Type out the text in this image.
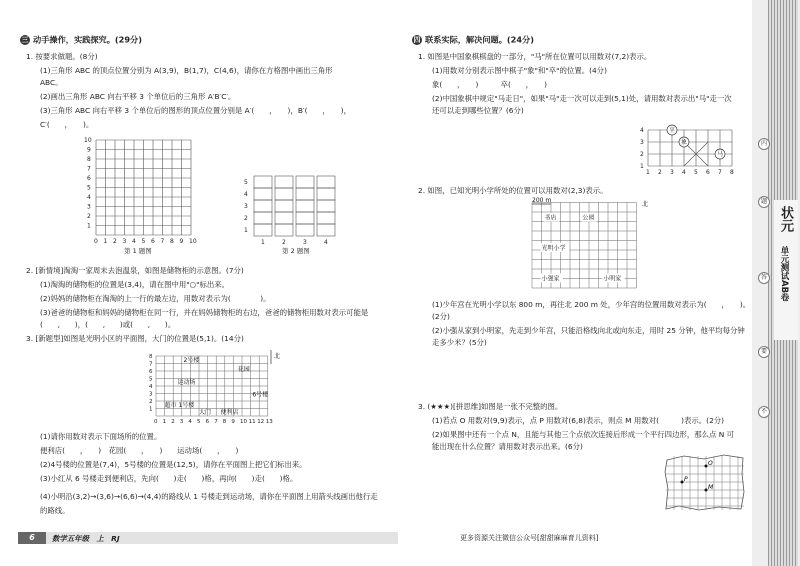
三 动手操作，实践探究。(29分)
1. 按要求做题。(8分)
(1)三角形 ABC 的顶点位置分别为 A(3,9)，B(1,7)，C(4,6)，请你在方格图中画出三角形
ABC。
(2)画出三角形 ABC 向右平移 3 个单位后的三角形 A′B′C′。
(3)三角形 ABC 向右平移 3 个单位后的图形的顶点位置分别是 A′(　　，　　)，B′(　　，　　)，
C′(　　，　　)。
0 1 2 3 4 5 6 7 8 9 10
1
2
3
4
5
6
7
8
9
10
第 1 题图
1	2	3	4
1
2
3
4
5
第 2 题图
2. [新情境]淘淘一家周末去泡温泉，如图是储物柜的示意图。(7分)
(1)淘淘的储物柜的位置是(3,4)，请在图中用"○"标出来。
(2)妈妈的储物柜在淘淘的上一行的最左边，用数对表示为(　　　　)。
(3)爸爸的储物柜和妈妈的储物柜在同一行，并在妈妈储物柜的右边，爸爸的储物柜用数对表示可能是
(　　,　　)，(　　,　　)或(　　,　　)。
3. [新题型]如图是光明小区的平面图，大门的位置是(5,1)。(14分)
0 1 2 3 4 5 6 7 8 9 10 11 12 13
1
2
3
4
5
6
7
8	2号楼
花园
运动场
6号楼
超市 1号楼
大门 便利店
北
(1)请你用数对表示下面场所的位置。
便利店(　　，　　)　花园(　　，　　)　　运动场(　　，　　)
(2)4号楼的位置是(7,4)，5号楼的位置是(12,5)，请你在平面图上把它们标出来。
(3)小红从 6 号楼走到便利店，先向(　　)走(　　)格，再向(　　)走(　　)格。
(4)小明沿(3,2)→(3,6)→(6,6)→(4,4)的路线从 1 号楼走到运动场，请你在平面图上用箭头线画出他行走
的路线。
6	数学五年级　上　RJ
四 联系实际，解决问题。(24分)
1. 如图是中国象棋棋盘的一部分，"马"所在位置可以用数对(7,2)表示。
(1)用数对分别表示图中棋子"象"和"卒"的位置。(4分)
象(　　，　　)　　　卒(　　，　　)
(2)中国象棋中规定"马走日"，如果"马"走一次可以走到(5,1)处，请用数对表示出"马"走一次
还可以走到哪些位置？(6分)
1 2 3 4 5 6 7 8
1
2
3
4	卒
象
马
2. 如图，已知光明小学所处的位置可以用数对(2,3)表示。
200 m
北
书店	公园
光明小学
小强家	小明家
(1)少年宫在光明小学以东 800 m，再往北 200 m 处，少年宫的位置用数对表示为(　　，　　)。
(2分)
(2)小强从家到小明家，先走到少年宫，只能沿格线向北或向东走，用时 25 分钟，他平均每分钟
走多少米？(5分)
3. (★★★)[拼思维]如图是一张不完整的图。
(1)若点 O 用数对(9,9)表示，点 P 用数对(6,8)表示，则点 M 用数对(　　　)表示。(2分)
(2)如果图中还有一个点 N，且能与其他三个点依次连接后形成一个平行四边形，那么点 N 可
能出现在什么位置？请用数对表示出来。(6分)
O
P
M
更多资源关注微信公众号[甜甜麻麻育儿资料]
状元
单元测试AB卷
内
题
答
要
不
